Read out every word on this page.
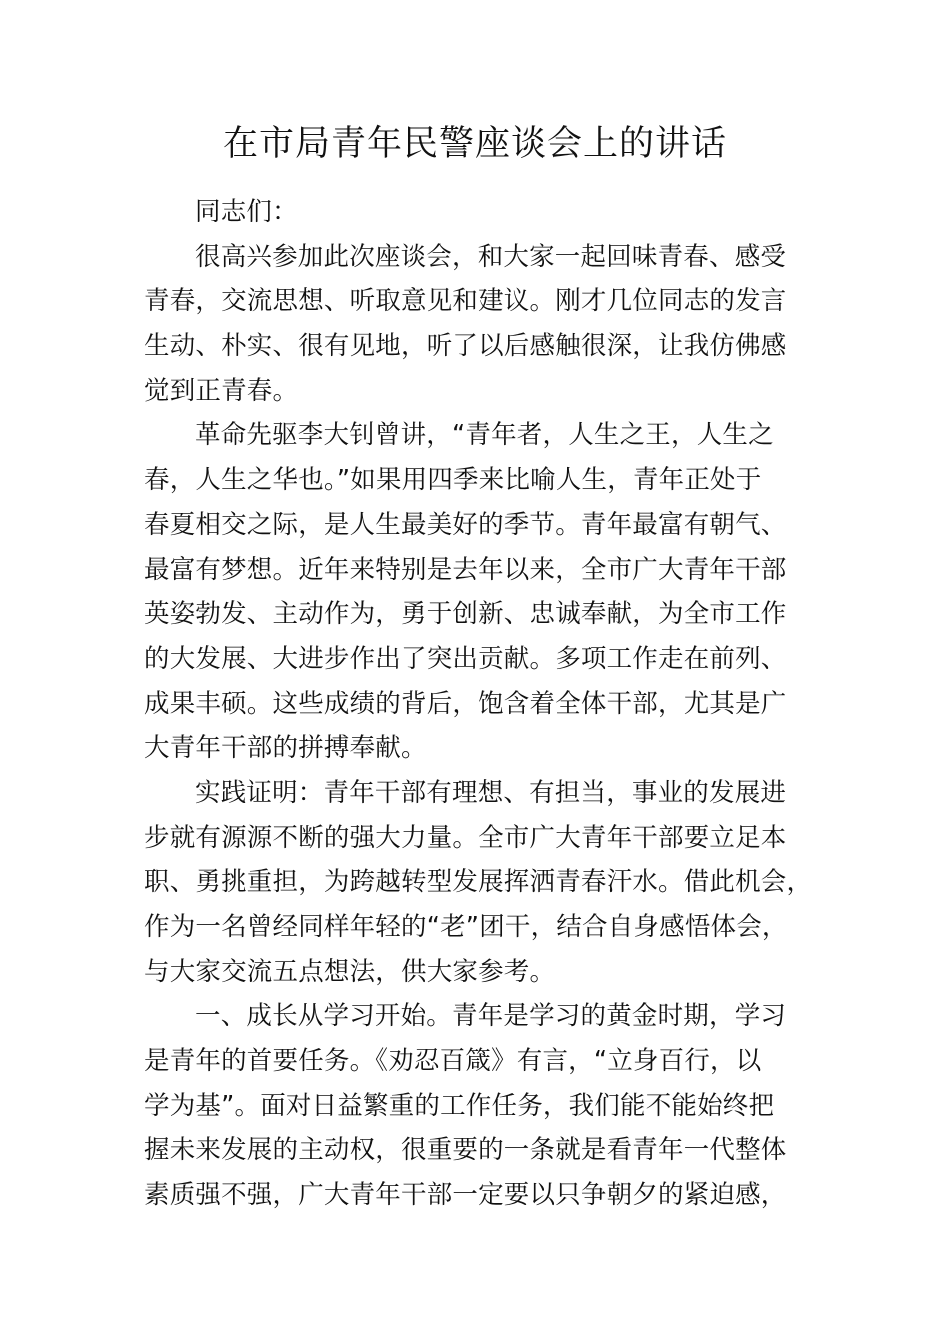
在市局青年民警座谈会上的讲话
同志们：
很高兴参加此次座谈会，和大家一起回味青春、感受
青春，交流思想、听取意见和建议。刚才几位同志的发言
生动、朴实、很有见地，听了以后感触很深，让我仿佛感
觉到正青春。
革命先驱李大钊曾讲，“青年者，人生之王，人生之
春，人生之华也。”如果用四季来比喻人生，青年正处于
春夏相交之际，是人生最美好的季节。青年最富有朝气、
最富有梦想。近年来特别是去年以来，全市广大青年干部
英姿勃发、主动作为，勇于创新、忠诚奉献，为全市工作
的大发展、大进步作出了突出贡献。多项工作走在前列、
成果丰硕。这些成绩的背后，饱含着全体干部，尤其是广
大青年干部的拼搏奉献。
实践证明：青年干部有理想、有担当，事业的发展进
步就有源源不断的强大力量。全市广大青年干部要立足本
职、勇挑重担，为跨越转型发展挥洒青春汗水。借此机会，
作为一名曾经同样年轻的“老”团干，结合自身感悟体会，
与大家交流五点想法，供大家参考。
一、成长从学习开始。青年是学习的黄金时期，学习
是青年的首要任务。《劝忍百箴》有言，“立身百行，以
学为基”。面对日益繁重的工作任务，我们能不能始终把
握未来发展的主动权，很重要的一条就是看青年一代整体
素质强不强，广大青年干部一定要以只争朝夕的紧迫感，
